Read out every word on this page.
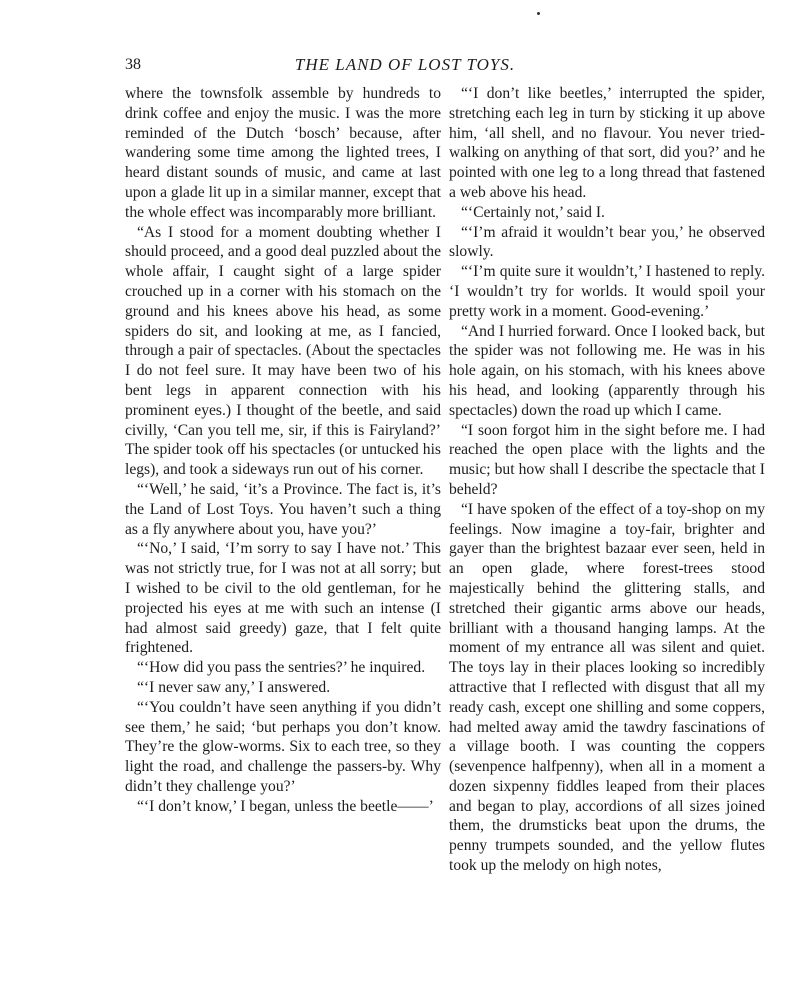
38	THE LAND OF LOST TOYS.

where the townsfolk assemble by hundreds to drink coffee and enjoy the music. I was the more reminded of the Dutch ‘bosch’ because, after wandering some time among the lighted trees, I heard distant sounds of music, and came at last upon a glade lit up in a similar manner, except that the whole effect was incomparably more brilliant.

“As I stood for a moment doubting whether I should proceed, and a good deal puzzled about the whole affair, I caught sight of a large spider crouched up in a corner with his stomach on the ground and his knees above his head, as some spiders do sit, and looking at me, as I fancied, through a pair of spectacles. (About the spectacles I do not feel sure. It may have been two of his bent legs in apparent connection with his prominent eyes.) I thought of the beetle, and said civilly, ‘Can you tell me, sir, if this is Fairyland?’ The spider took off his spectacles (or untucked his legs), and took a sideways run out of his corner.

“‘Well,’ he said, ‘it’s a Province. The fact is, it’s the Land of Lost Toys. You haven’t such a thing as a fly anywhere about you, have you?’

“‘No,’ I said, ‘I’m sorry to say I have not.’ This was not strictly true, for I was not at all sorry; but I wished to be civil to the old gentleman, for he projected his eyes at me with such an intense (I had almost said greedy) gaze, that I felt quite frightened.

“‘How did you pass the sentries?’ he inquired.

“‘I never saw any,’ I answered.

“‘You couldn’t have seen anything if you didn’t see them,’ he said; ‘but perhaps you don’t know. They’re the glow-worms. Six to each tree, so they light the road, and challenge the passers-by. Why didn’t they challenge you?’

“‘I don’t know,’ I began, unless the beetle——’

“‘I don’t like beetles,’ interrupted the spider, stretching each leg in turn by sticking it up above him, ‘all shell, and no flavour. You never tried-walking on anything of that sort, did you?’ and he pointed with one leg to a long thread that fastened a web above his head.

“‘Certainly not,’ said I.

“‘I’m afraid it wouldn’t bear you,’ he observed slowly.

“‘I’m quite sure it wouldn’t,’ I hastened to reply. ‘I wouldn’t try for worlds. It would spoil your pretty work in a moment. Good-evening.’

“And I hurried forward. Once I looked back, but the spider was not following me. He was in his hole again, on his stomach, with his knees above his head, and looking (apparently through his spectacles) down the road up which I came.

“I soon forgot him in the sight before me. I had reached the open place with the lights and the music; but how shall I describe the spectacle that I beheld?

“I have spoken of the effect of a toy-shop on my feelings. Now imagine a toy-fair, brighter and gayer than the brightest bazaar ever seen, held in an open glade, where forest-trees stood majestically behind the glittering stalls, and stretched their gigantic arms above our heads, brilliant with a thousand hanging lamps. At the moment of my entrance all was silent and quiet. The toys lay in their places looking so incredibly attractive that I reflected with disgust that all my ready cash, except one shilling and some coppers, had melted away amid the tawdry fascinations of a village booth. I was counting the coppers (sevenpence halfpenny), when all in a moment a dozen sixpenny fiddles leaped from their places and began to play, accordions of all sizes joined them, the drumsticks beat upon the drums, the penny trumpets sounded, and the yellow flutes took up the melody on high notes,
